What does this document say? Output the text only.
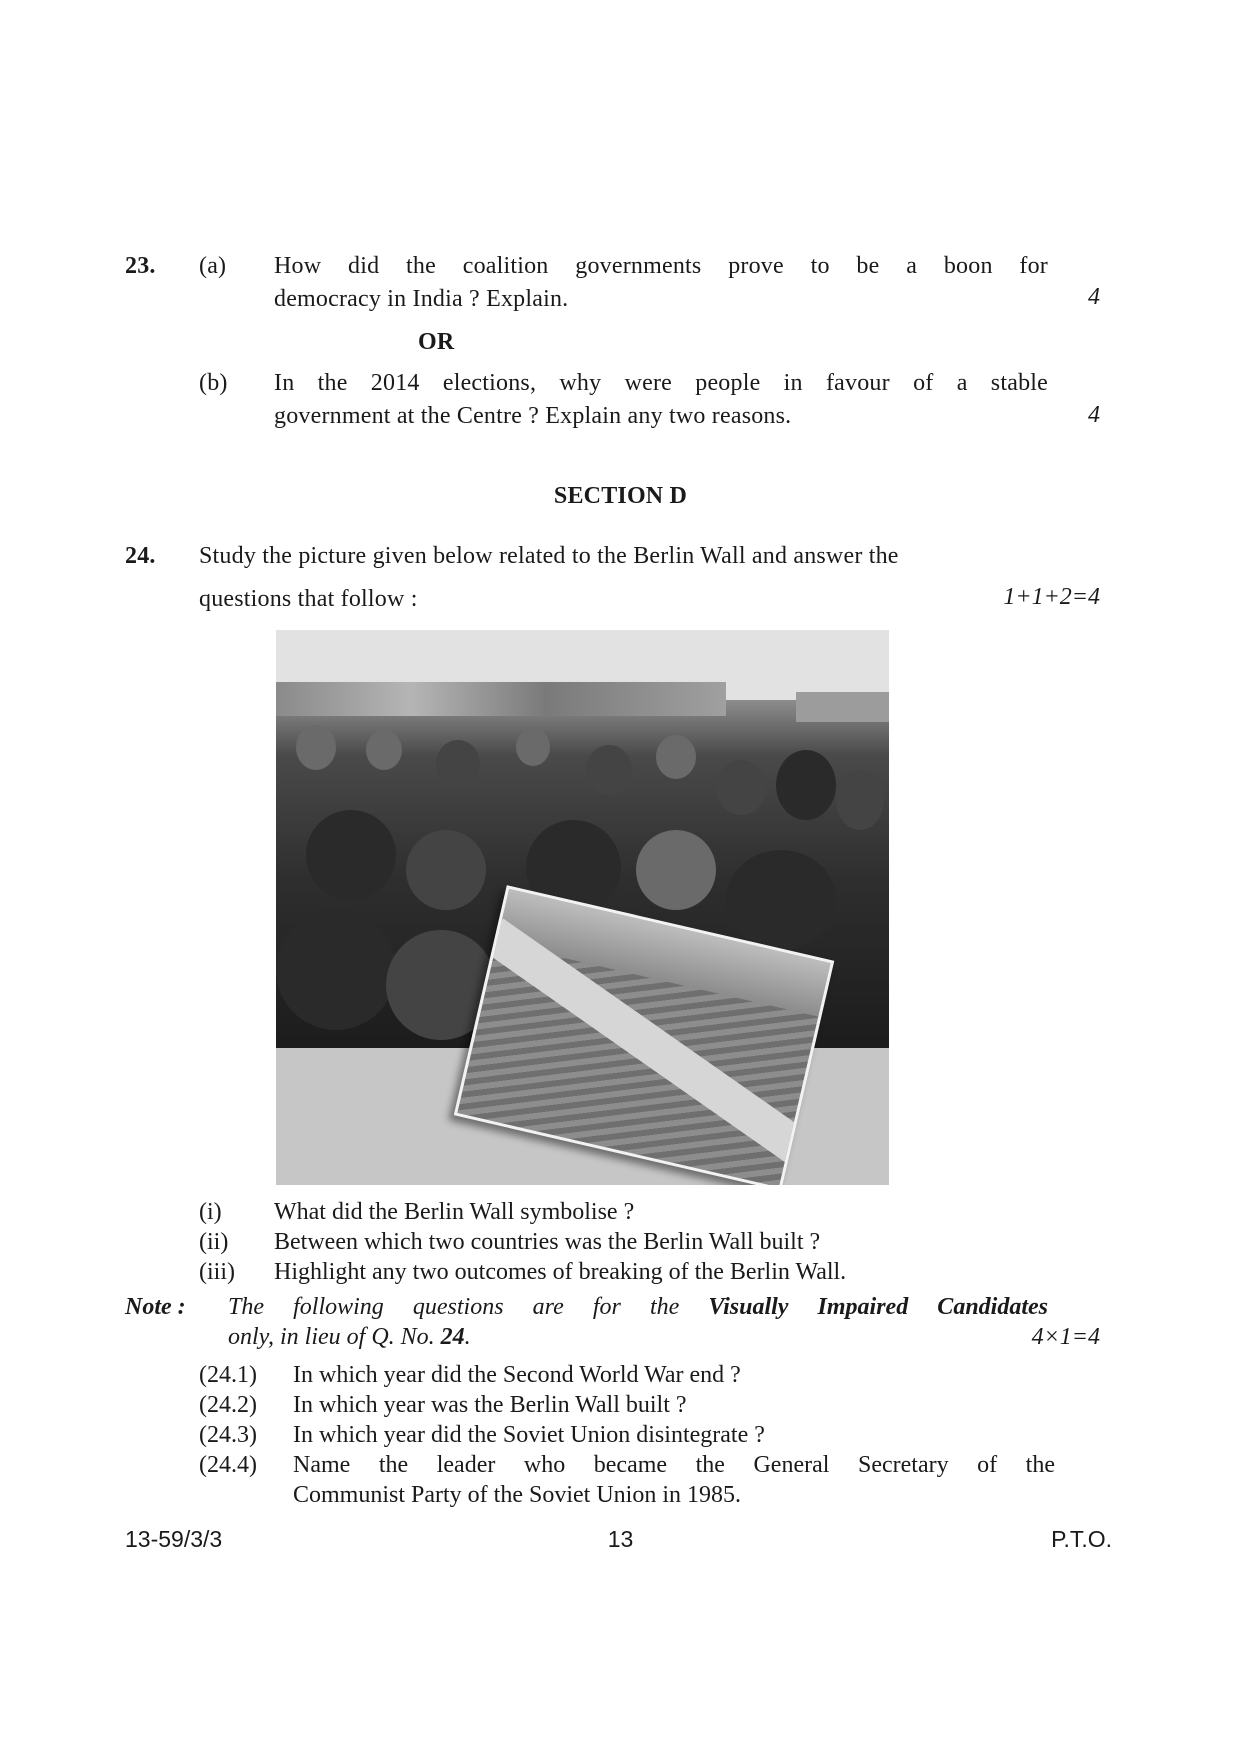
23. (a) How did the coalition governments prove to be a boon for
democracy in India ? Explain.	4
OR
(b) In the 2014 elections, why were people in favour of a stable
government at the Centre ? Explain any two reasons.	4
SECTION D
24. Study the picture given below related to the Berlin Wall and answer the
questions that follow :	1+1+2=4
(i) What did the Berlin Wall symbolise ?
(ii) Between which two countries was the Berlin Wall built ?
(iii) Highlight any two outcomes of breaking of the Berlin Wall.
Note : The following questions are for the Visually Impaired Candidates
only, in lieu of Q. No. 24.	4×1=4
(24.1) In which year did the Second World War end ?
(24.2) In which year was the Berlin Wall built ?
(24.3) In which year did the Soviet Union disintegrate ?
(24.4) Name the leader who became the General Secretary of the
Communist Party of the Soviet Union in 1985.
13-59/3/3	13	P.T.O.
